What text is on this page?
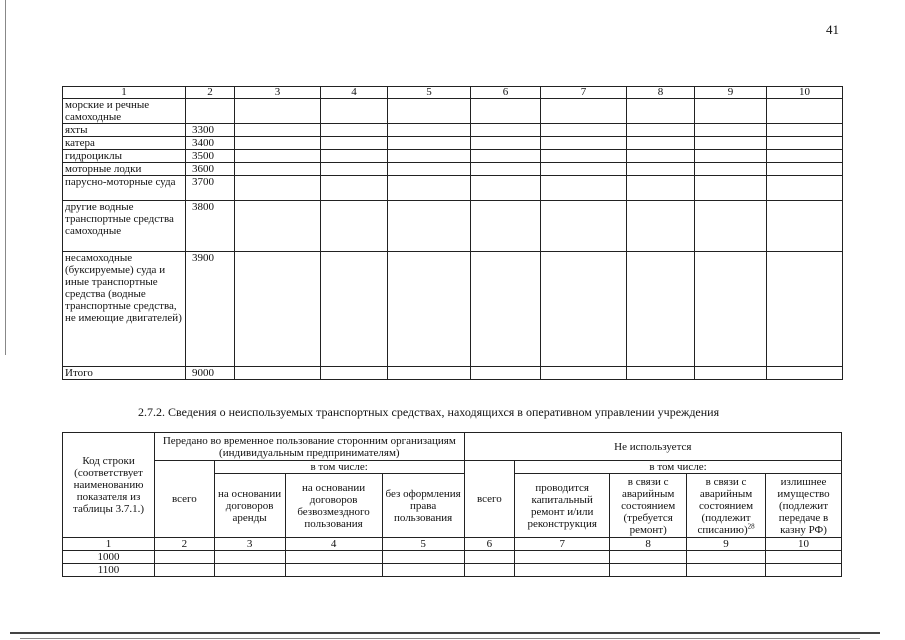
41
1	2	3	4	5	6	7	8	9	10
морские и речные самоходные									
яхты	3300								
катера	3400								
гидроциклы	3500								
моторные лодки	3600								
парусно-моторные суда	3700								
другие водные транспортные средства самоходные	3800								
несамоходные (буксируемые) суда и иные транспортные средства (водные транспортные средства, не имеющие двигателей)	3900								
Итого	9000								
2.7.2. Сведения о неиспользуемых транспортных средствах, находящихся в оперативном управлении учреждения
Код строки (соответствует наименованию показателя из таблицы 3.7.1.)	Передано во временное пользование сторонним организациям (индивидуальным предпринимателям)				Не используется				
	всего	в том числе:			всего	в том числе:			
		на основании договоров аренды	на основании договоров безвозмездного пользования	без оформления права пользования		проводится капитальный ремонт и/или реконструкция	в связи с аварийным состоянием (требуется ремонт)	в связи с аварийным состоянием (подлежит списанию)$^{28}$	излишнее имущество (подлежит передаче в казну РФ)
1	2	3	4	5	6	7	8	9	10
1000									
1100									
